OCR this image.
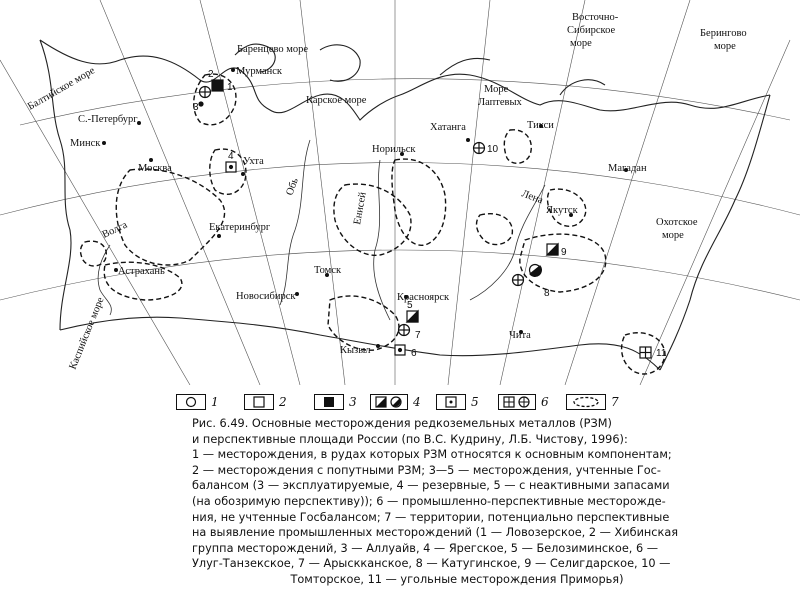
Баренцево море
Балтийское море	Мурманск
С.-Петербург
Минск
Москва
Ухта
Карское море
Норильск
Хатанга
Море
Лаптевых
Тикси
Восточно-
Сибирское
море
Берингово
море
Магадан
Охотское
море
Якутск
Лена
Енисей
Обь
Волга	Екатеринбург
Астрахань
Каспийское море
Томск
Новосибирск	Красноярск
Кызыл
Чита
1
2
3
4
5
6
7
8
9
10
11
1	2	3	4	5	6	7
Рис. 6.49. Основные месторождения редкоземельных металлов (РЗМ)
и перспективные площади России (по В.С. Кудрину, Л.Б. Чистову, 1996):
1 — месторождения, в рудах которых РЗМ относятся к основным компонентам;
2 — месторождения с попутными РЗМ; 3—5 — месторождения, учтенные Гос-
балансом (3 — эксплуатируемые, 4 — резервные, 5 — с неактивными запасами
(на обозримую перспективу)); 6 — промышленно-перспективные месторожде-
ния, не учтенные Госбалансом; 7 — территории, потенциально перспективные
на выявление промышленных месторождений (1 — Ловозерское, 2 — Хибинская
группа месторождений, 3 — Аллуайв, 4 — Ярегское, 5 — Белозиминское, 6 —
Улуг-Танзекское, 7 — Арыскканское, 8 — Катугинское, 9 — Селигдарское, 10 —
Томторское, 11 — угольные месторождения Приморья)
